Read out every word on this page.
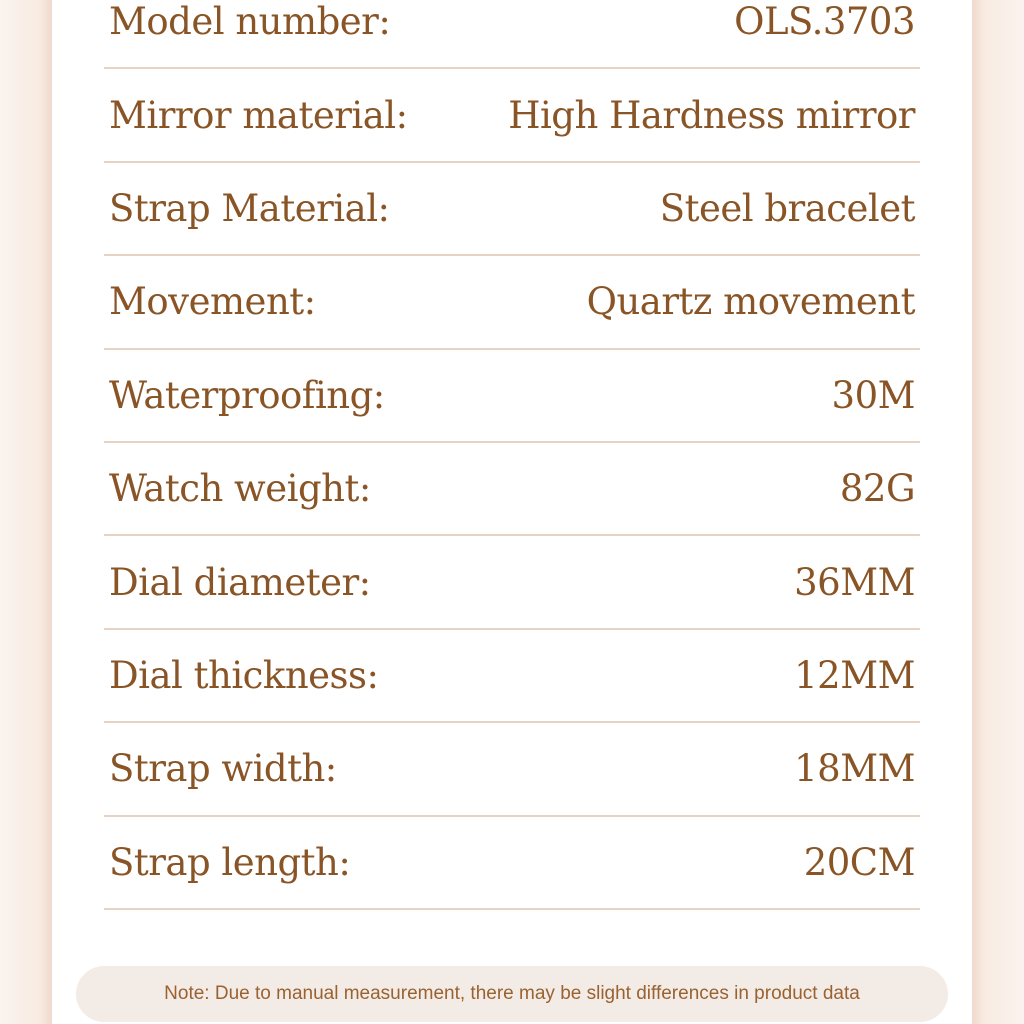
Model number:	OLS.3703
Mirror material:	High Hardness mirror
Strap Material:	Steel bracelet
Movement:	Quartz movement
Waterproofing:	30M
Watch weight:	82G
Dial diameter:	36MM
Dial thickness:	12MM
Strap width:	18MM
Strap length:	20CM
Note: Due to manual measurement, there may be slight differences in product data
